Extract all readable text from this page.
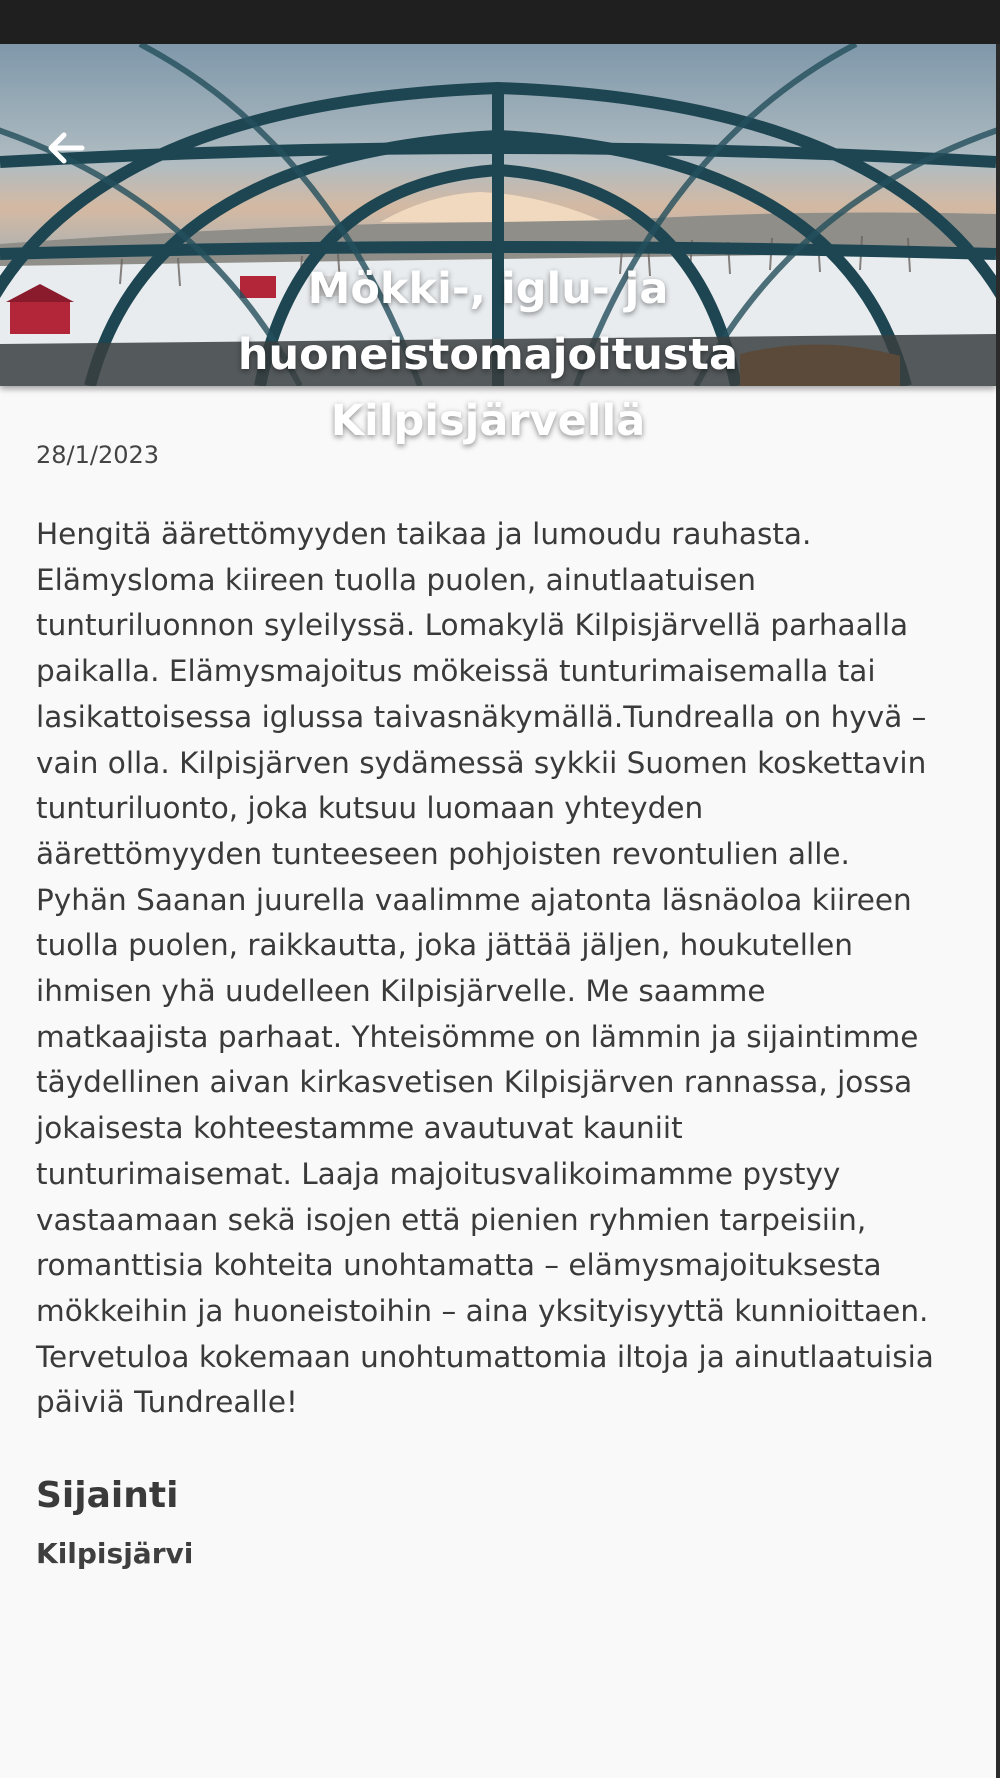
Mökki-, iglu- ja huoneistomajoitusta Kilpisjärvellä
28/1/2023

Hengitä äärettömyyden taikaa ja lumoudu rauhasta. Elämysloma kiireen tuolla puolen, ainutlaatuisen tunturiluonnon syleilyssä. Lomakylä Kilpisjärvellä parhaalla paikalla. Elämysmajoitus mökeissä tunturimaisemalla tai lasikattoisessa iglussa taivasnäkymällä.Tundrealla on hyvä – vain olla. Kilpisjärven sydämessä sykkii Suomen koskettavin tunturiluonto, joka kutsuu luomaan yhteyden äärettömyyden tunteeseen pohjoisten revontulien alle. Pyhän Saanan juurella vaalimme ajatonta läsnäoloa kiireen tuolla puolen, raikkautta, joka jättää jäljen, houkutellen ihmisen yhä uudelleen Kilpisjärvelle. Me saamme matkaajista parhaat. Yhteisömme on lämmin ja sijaintimme täydellinen aivan kirkasvetisen Kilpisjärven rannassa, jossa jokaisesta kohteestamme avautuvat kauniit tunturimaisemat. Laaja majoitusvalikoimamme pystyy vastaamaan sekä isojen että pienien ryhmien tarpeisiin, romanttisia kohteita unohtamatta – elämysmajoituksesta mökkeihin ja huoneistoihin – aina yksityisyyttä kunnioittaen. Tervetuloa kokemaan unohtumattomia iltoja ja ainutlaatuisia päiviä Tundrealle!

Sijainti
Kilpisjärvi
